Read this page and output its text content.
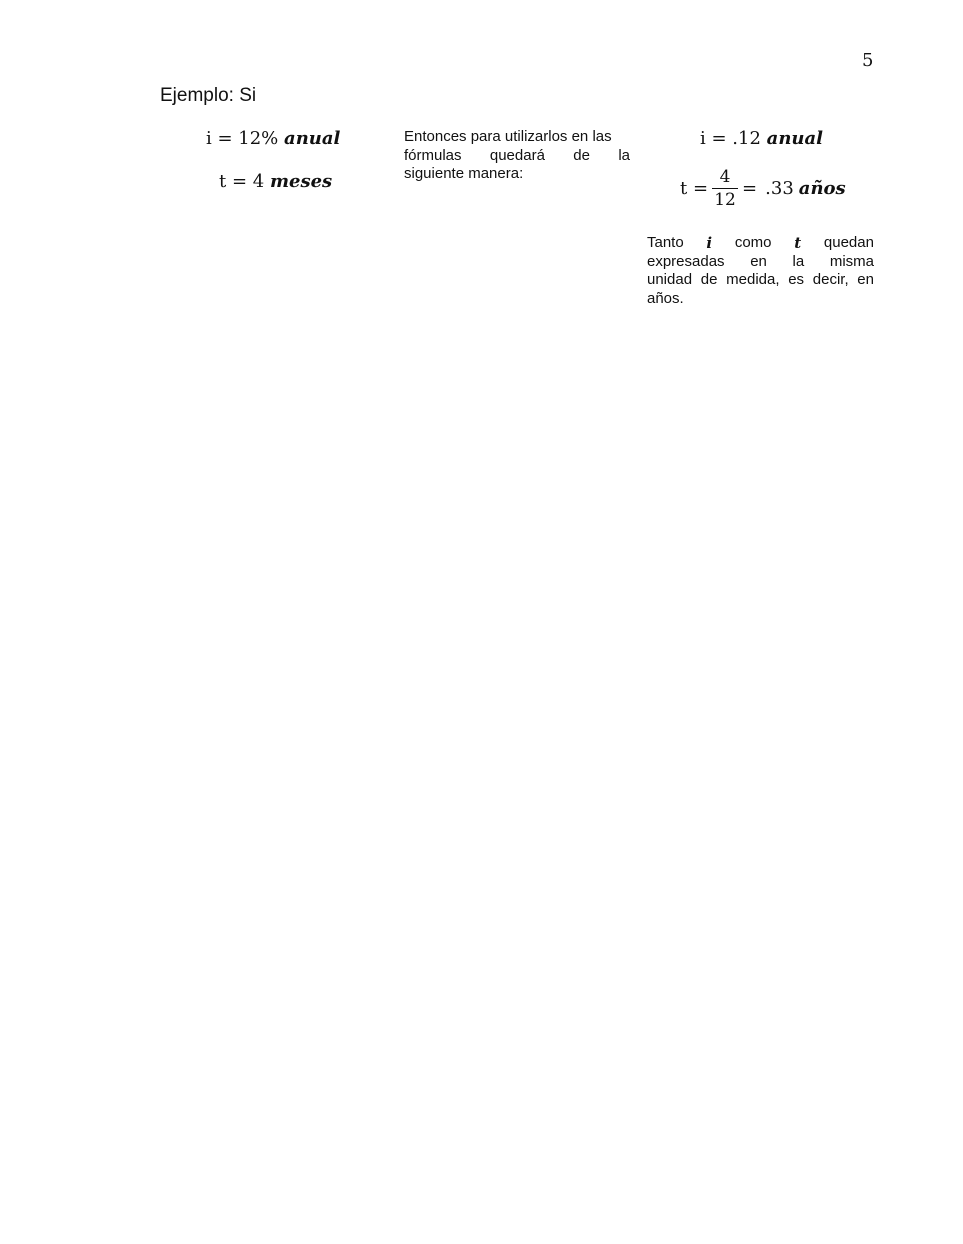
5
Ejemplo: Si
i = 12% anual
t = 4 meses
Entonces para utilizarlos en las
fórmulas quedará de la
siguiente manera:
i = .12 anual
$t = \frac{4}{12} = .33$ años
Tanto i como t quedan
expresadas en la misma
unidad de medida, es decir, en
años.
